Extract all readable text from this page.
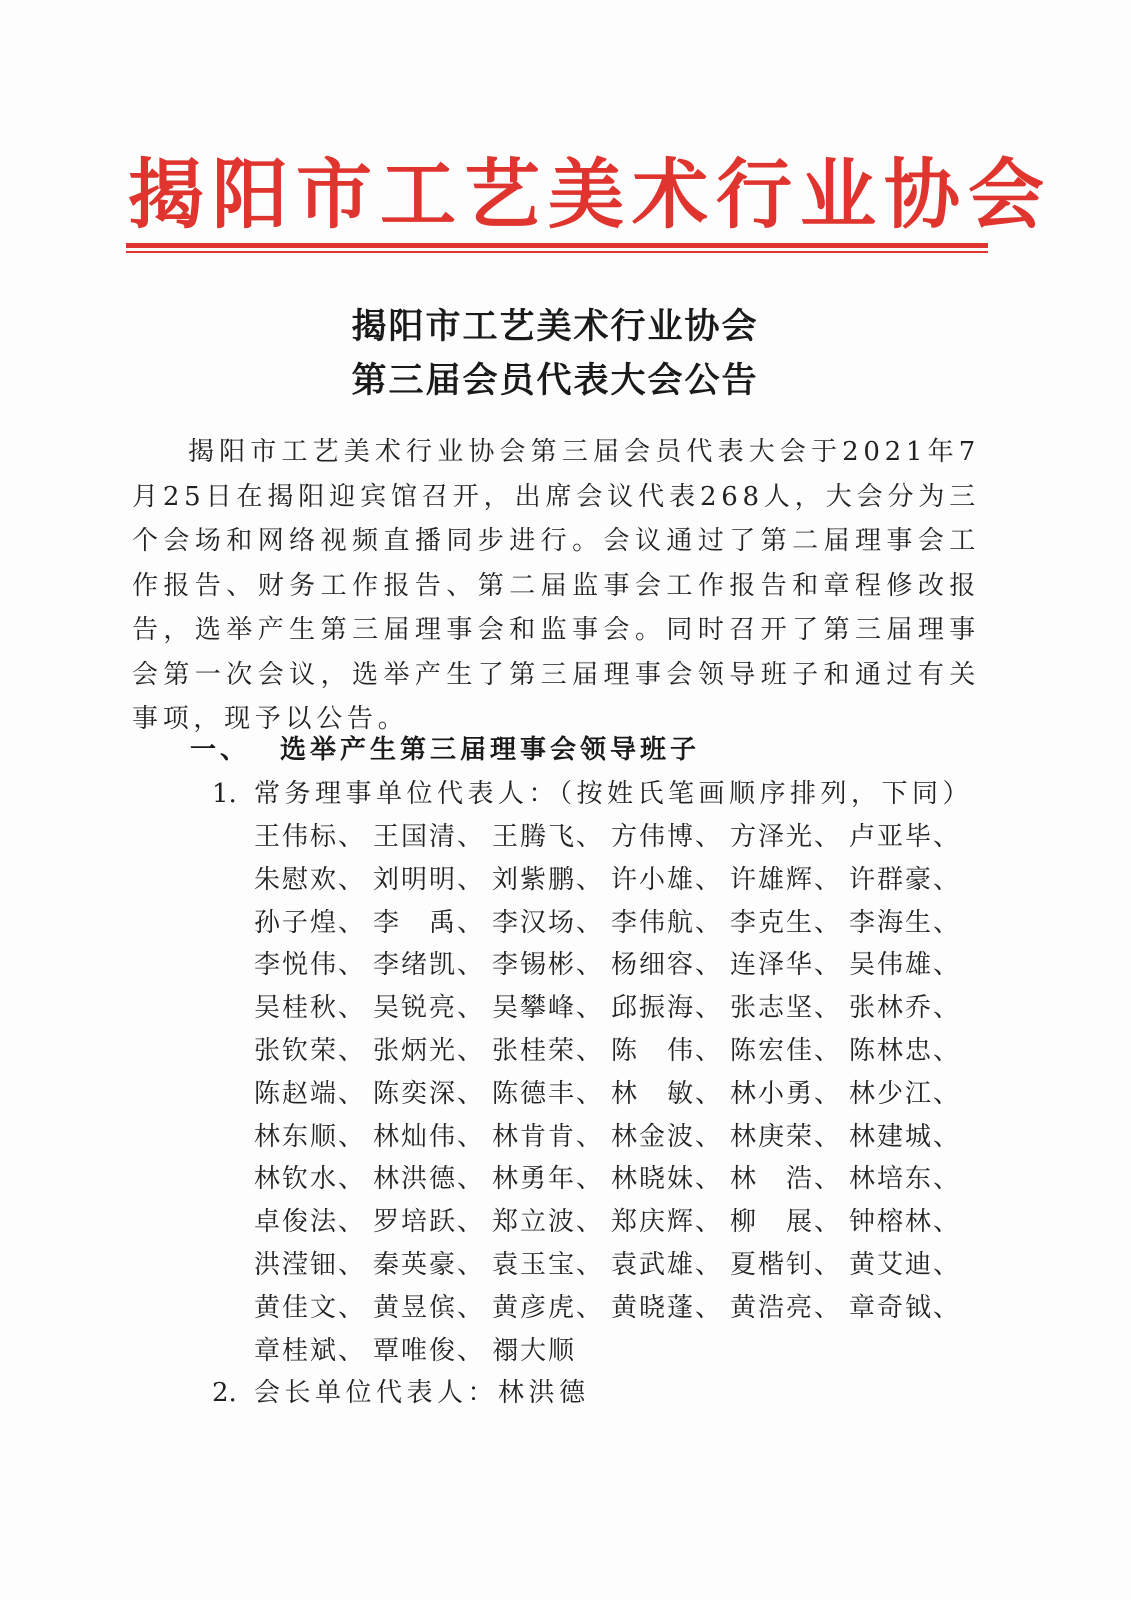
揭阳市工艺美术行业协会
揭阳市工艺美术行业协会
第三届会员代表大会公告
揭阳市工艺美术行业协会第三届会员代表大会于2021年7月25日在揭阳迎宾馆召开，出席会议代表268人，大会分为三个会场和网络视频直播同步进行。会议通过了第二届理事会工作报告、财务工作报告、第二届监事会工作报告和章程修改报告，选举产生第三届理事会和监事会。同时召开了第三届理事会第一次会议，选举产生了第三届理事会领导班子和通过有关事项，现予以公告。
一、 选举产生第三届理事会领导班子
1. 常务理事单位代表人：（按姓氏笔画顺序排列，下同）
王伟标、 王国清、 王腾飞、 方伟博、 方泽光、 卢亚毕、
朱慰欢、 刘明明、 刘紫鹏、 许小雄、 许雄辉、 许群豪、
孙子煌、 李　禹、 李汉场、 李伟航、 李克生、 李海生、
李悦伟、 李绪凯、 李锡彬、 杨细容、 连泽华、 吴伟雄、
吴桂秋、 吴锐亮、 吴攀峰、 邱振海、 张志坚、 张林乔、
张钦荣、 张炳光、 张桂荣、 陈　伟、 陈宏佳、 陈林忠、
陈赵端、 陈奕深、 陈德丰、 林　敏、 林小勇、 林少江、
林东顺、 林灿伟、 林肯肯、 林金波、 林庚荣、 林建城、
林钦水、 林洪德、 林勇年、 林晓妹、 林　浩、 林培东、
卓俊法、 罗培跃、 郑立波、 郑庆辉、 柳　展、 钟榕林、
洪滢钿、 秦英豪、 袁玉宝、 袁武雄、 夏楷钊、 黄艾迪、
黄佳文、 黄昱傧、 黄彦虎、 黄晓蓬、 黄浩亮、 章奇钺、
章桂斌、 覃唯俊、 禤大顺
2. 会长单位代表人：林洪德
